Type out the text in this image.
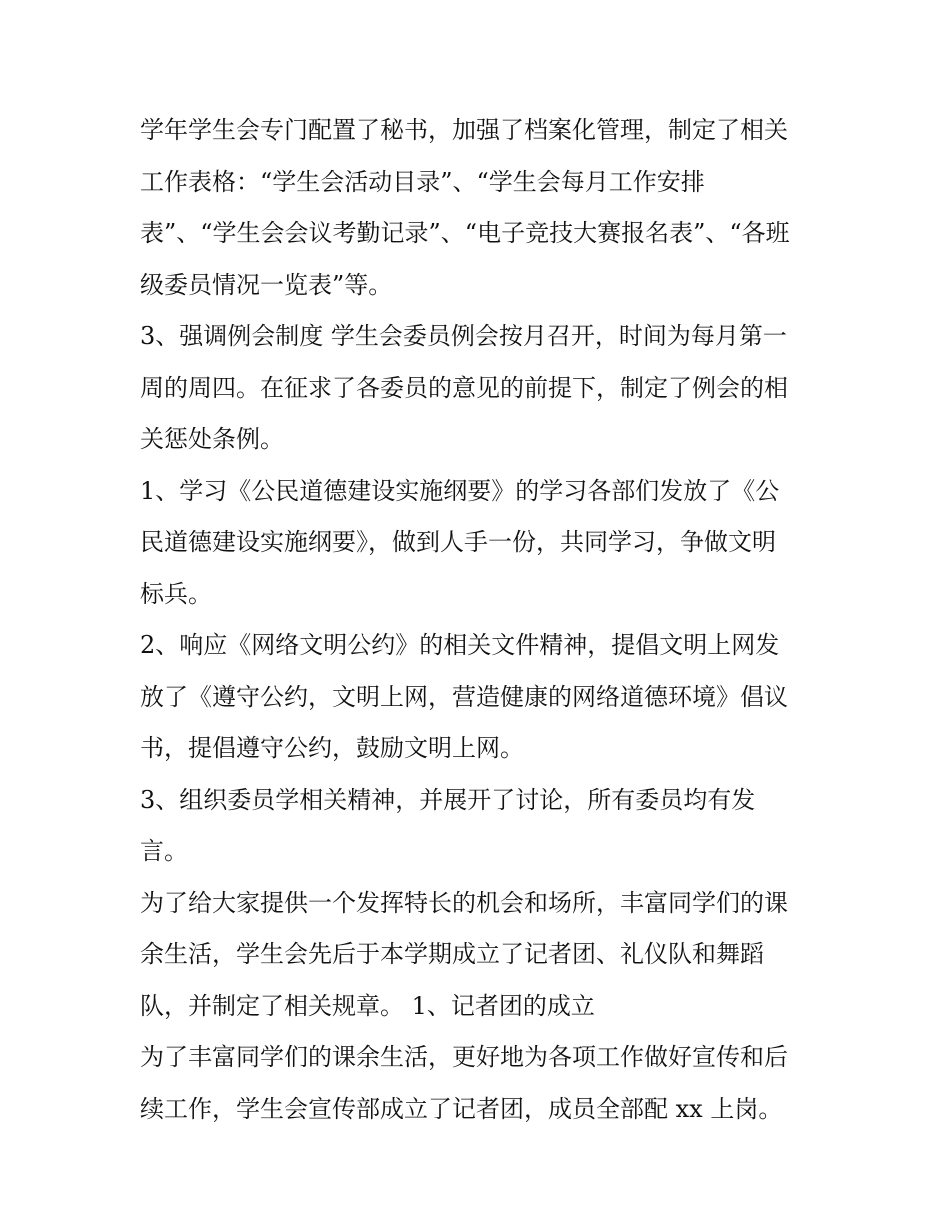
学年学生会专门配置了秘书，加强了档案化管理，制定了相关
工作表格：“学生会活动目录”、“学生会每月工作安排
表”、“学生会会议考勤记录”、“电子竞技大赛报名表”、“各班
级委员情况一览表”等。
3、强调例会制度 学生会委员例会按月召开，时间为每月第一
周的周四。在征求了各委员的意见的前提下，制定了例会的相
关惩处条例。
1、学习《公民道德建设实施纲要》的学习各部们发放了《公
民道德建设实施纲要》，做到人手一份，共同学习，争做文明
标兵。
2、响应《网络文明公约》的相关文件精神，提倡文明上网发
放了《遵守公约，文明上网，营造健康的网络道德环境》倡议
书，提倡遵守公约，鼓励文明上网。
3、组织委员学相关精神，并展开了讨论，所有委员均有发
言。
为了给大家提供一个发挥特长的机会和场所，丰富同学们的课
余生活，学生会先后于本学期成立了记者团、礼仪队和舞蹈
队，并制定了相关规章。 1、记者团的成立
为了丰富同学们的课余生活，更好地为各项工作做好宣传和后
续工作，学生会宣传部成立了记者团，成员全部配 xx 上岗。
